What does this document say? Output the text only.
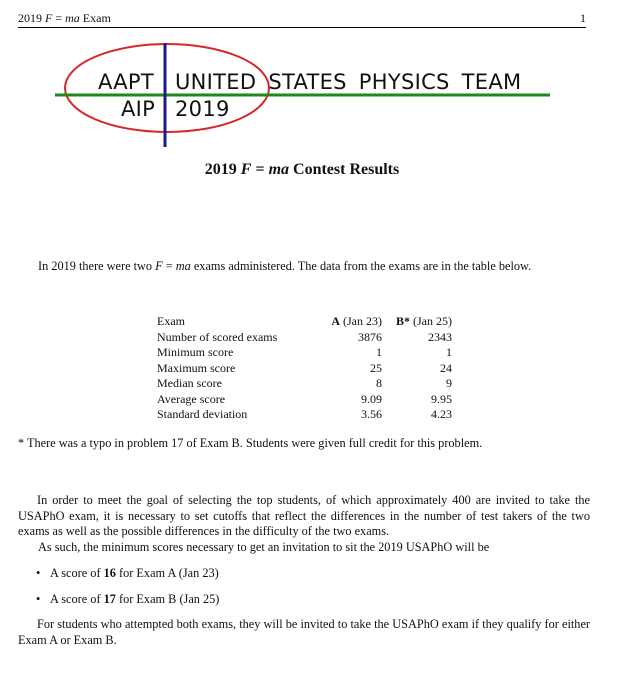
2019 F = ma Exam	1
AAPT UNITED STATES PHYSICS TEAM
AIP 2019
2019 F = ma Contest Results
In 2019 there were two F = ma exams administered. The data from the exams are in the table below.
Exam	A (Jan 23)	B* (Jan 25)
Number of scored exams	3876	2343
Minimum score	1	1
Maximum score	25	24
Median score	8	9
Average score	9.09	9.95
Standard deviation	3.56	4.23
* There was a typo in problem 17 of Exam B. Students were given full credit for this problem.
In order to meet the goal of selecting the top students, of which approximately 400 are invited to take the USAPhO exam, it is necessary to set cutoffs that reflect the differences in the number of test takers of the two exams as well as the possible differences in the difficulty of the two exams.
As such, the minimum scores necessary to get an invitation to sit the 2019 USAPhO will be
• A score of 16 for Exam A (Jan 23)
• A score of 17 for Exam B (Jan 25)
For students who attempted both exams, they will be invited to take the USAPhO exam if they qualify for either Exam A or Exam B.
